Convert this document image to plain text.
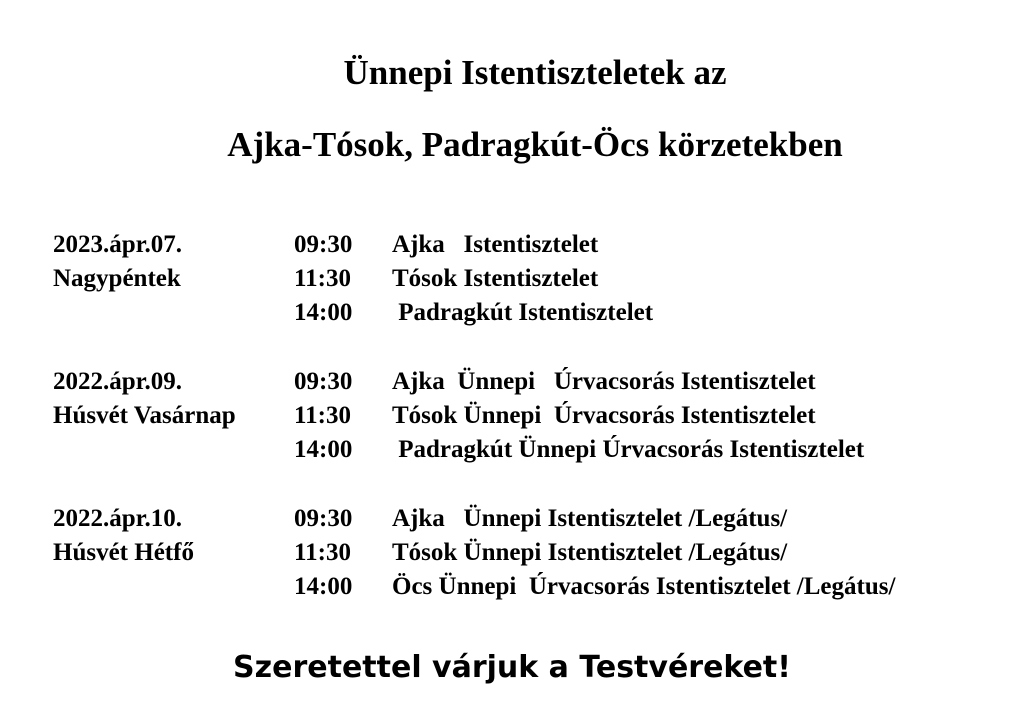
Ünnepi Istentiszteletek az
Ajka-Tósok, Padragkút-Öcs körzetekben
2023.ápr.07.
Nagypéntek
09:30 Ajka   Istentisztelet
11:30 Tósok Istentisztelet
14:00 Padragkút Istentisztelet
2022.ápr.09.
Húsvét Vasárnap
09:30 Ajka  Ünnepi   Úrvacsorás Istentisztelet
11:30 Tósok Ünnepi  Úrvacsorás Istentisztelet
14:00 Padragkút Ünnepi Úrvacsorás Istentisztelet
2022.ápr.10.
Húsvét Hétfő
09:30 Ajka   Ünnepi Istentisztelet /Legátus/
11:30 Tósok Ünnepi Istentisztelet /Legátus/
14:00 Öcs Ünnepi  Úrvacsorás Istentisztelet /Legátus/
Szeretettel várjuk a Testvéreket!
